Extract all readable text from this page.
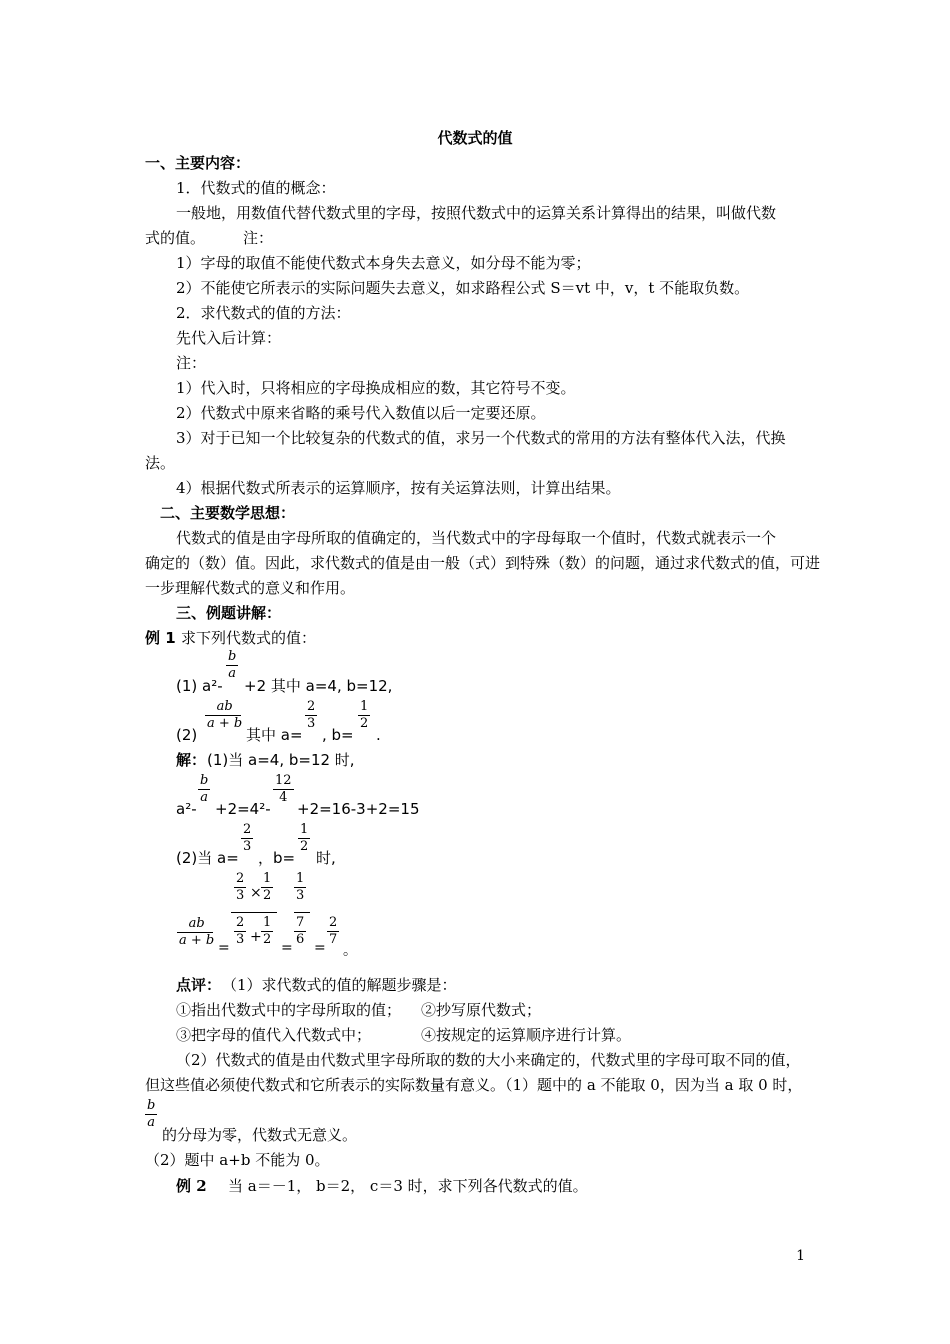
代数式的值
一、主要内容：
1．代数式的值的概念：
一般地，用数值代替代数式里的字母，按照代数式中的运算关系计算得出的结果，叫做代数
式的值。	注：
1）字母的取值不能使代数式本身失去意义，如分母不能为零；
2）不能使它所表示的实际问题失去意义，如求路程公式 S＝vt 中，v，t 不能取负数。
2．求代数式的值的方法：
先代入后计算：
注：
1）代入时，只将相应的字母换成相应的数，其它符号不变。
2）代数式中原来省略的乘号代入数值以后一定要还原。
3）对于已知一个比较复杂的代数式的值，求另一个代数式的常用的方法有整体代入法，代换
法。
4）根据代数式所表示的运算顺序，按有关运算法则，计算出结果。
二、主要数学思想：
代数式的值是由字母所取的值确定的，当代数式中的字母每取一个值时，代数式就表示一个
确定的（数）值。因此，求代数式的值是由一般（式）到特殊（数）的问题，通过求代数式的值，可进
一步理解代数式的意义和作用。
三、例题讲解：
例 1 求下列代数式的值：
(1) a²-
b
a
+2 其中 a=4, b=12,
(2)
ab
a + b
其中 a=
2
3
, b=
1
2
.
解： (1)当 a=4, b=12 时,
a²-
b
a
+2=4²-
12
4
+2=16-3+2=15
(2)当 a=
2
3
，b=
1
2
时,
ab
a + b =
2
3 ×
1
2
2
3 +
1
2
=
1
3
7
6
=
2
7
。
点评： （1）求代数式的值的解题步骤是：
①指出代数式中的字母所取的值； ②抄写原代数式；
③把字母的值代入代数式中；	④按规定的运算顺序进行计算。
（2）代数式的值是由代数式里字母所取的数的大小来确定的，代数式里的字母可取不同的值，
但这些值必须使代数式和它所表示的实际数量有意义。（1）题中的 a 不能取 0，因为当 a 取 0 时，
b
a
的分母为零，代数式无意义。
（2）题中 a+b 不能为 0。
例 2 当 a＝－1， b＝2， c＝3 时，求下列各代数式的值。
1
